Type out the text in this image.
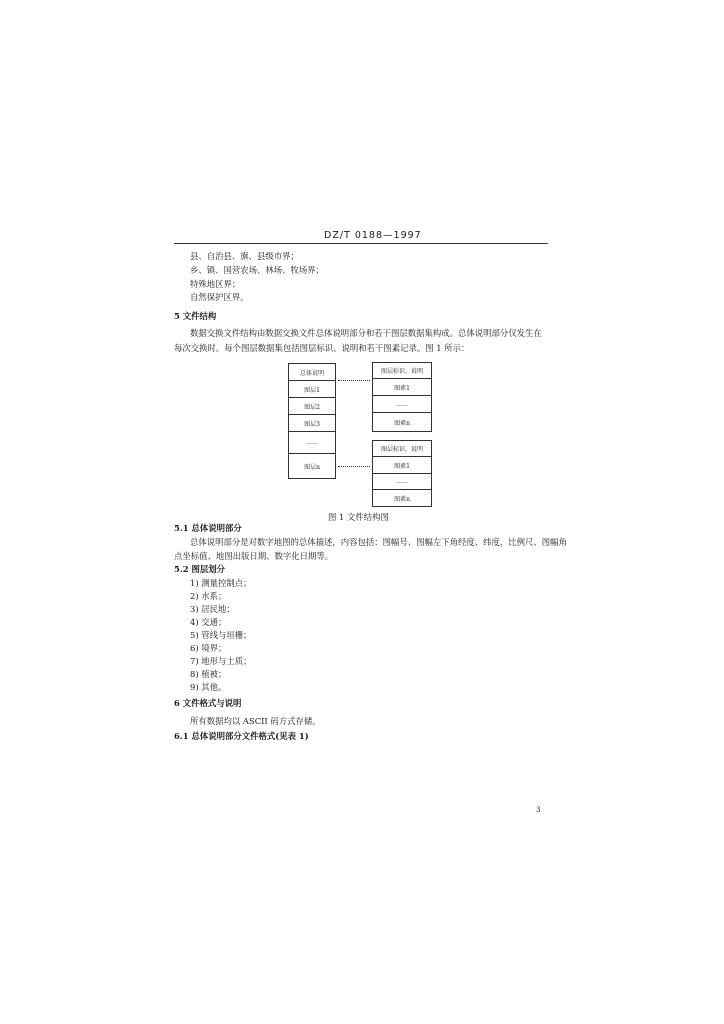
DZ/T 0188—1997
县、自治县、旗、县级市界；
乡、镇、国营农场、林场、牧场界；
特殊地区界；
自然保护区界。
5 文件结构
数据交换文件结构由数据交换文件总体说明部分和若干图层数据集构成。总体说明部分仅发生在
每次交换时。每个图层数据集包括图层标识、说明和若干图素记录。图 1 所示：
总体说明
图层1
图层2
图层3
……
图层n
图层标识、说明
图素1
……
图素n
图层标识、说明
图素1
……
图素n
图 1 文件结构图
5.1 总体说明部分
总体说明部分是对数字地图的总体描述，内容包括：图幅号、图幅左下角经度、纬度，比例尺、图幅角
点坐标值、地图出版日期、数字化日期等。
5.2 图层划分
1) 测量控制点；
2) 水系；
3) 居民地；
4) 交通；
5) 管线与垣栅；
6) 境界；
7) 地形与土质；
8) 植被；
9) 其他。
6 文件格式与说明
所有数据均以 ASCII 码方式存储。
6.1 总体说明部分文件格式(见表 1)
3
